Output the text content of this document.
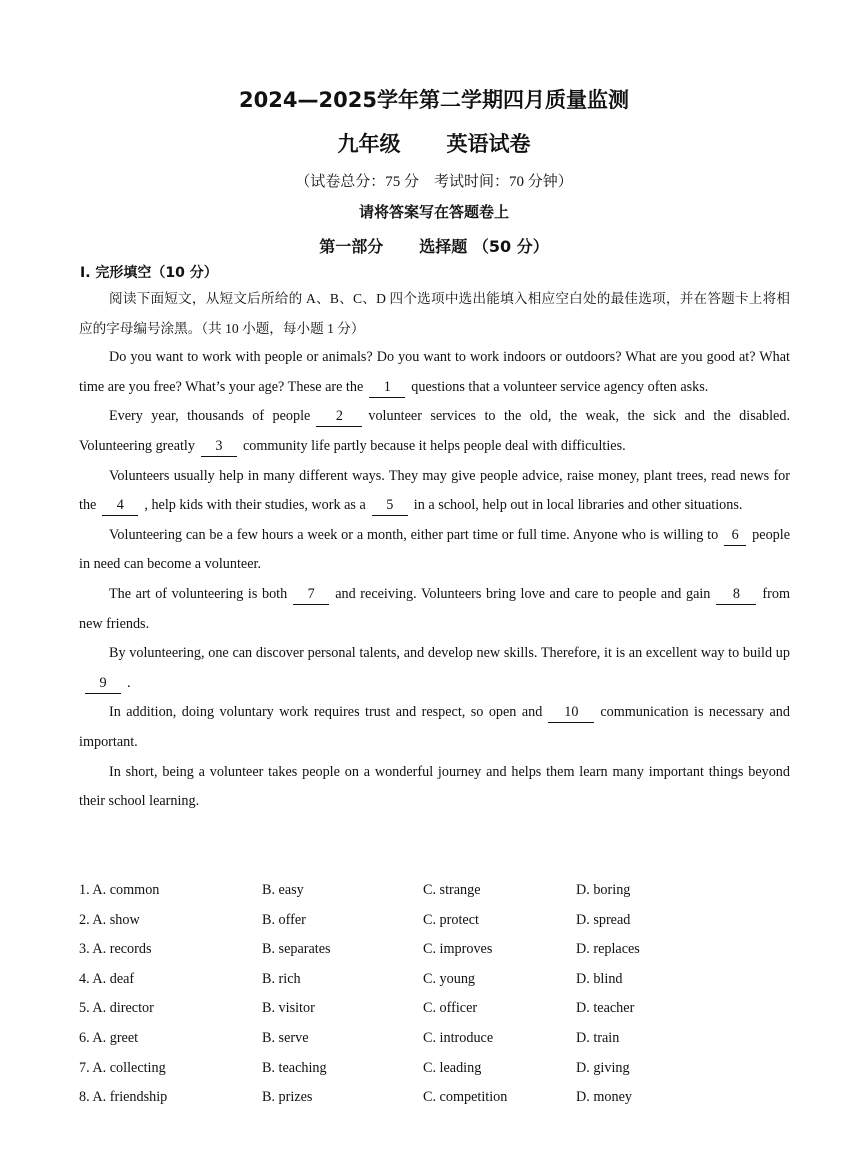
2024—2025学年第二学期四月质量监测
九年级 英语试卷
（试卷总分：75 分　考试时间：70 分钟）
请将答案写在答题卷上
第一部分 选择题 （50 分）
Ⅰ. 完形填空（10 分）

阅读下面短文，从短文后所给的 A、B、C、D 四个选项中选出能填入相应空白处的最佳选项，并在答题卡上将相应的字母编号涂黑。（共 10 小题，每小题 1 分）

Do you want to work with people or animals? Do you want to work indoors or outdoors? What are you good at? What time are you free? What’s your age? These are the 1 questions that a volunteer service agency often asks.

Every year, thousands of people 2 volunteer services to the old, the weak, the sick and the disabled. Volunteering greatly 3 community life partly because it helps people deal with difficulties.

Volunteers usually help in many different ways. They may give people advice, raise money, plant trees, read news for the 4 , help kids with their studies, work as a 5 in a school, help out in local libraries and other situations.

Volunteering can be a few hours a week or a month, either part time or full time. Anyone who is willing to 6 people in need can become a volunteer.

The art of volunteering is both 7 and receiving. Volunteers bring love and care to people and gain 8 from new friends.

By volunteering, one can discover personal talents, and develop new skills. Therefore, it is an excellent way to build up9 .

In addition, doing voluntary work requires trust and respect, so open and 10 communication is necessary and important.

In short, being a volunteer takes people on a wonderful journey and helps them learn many important things beyond their school learning.

1. A. common	B. easy	C. strange	D. boring
2. A. show	B. offer	C. protect	D. spread
3. A. records	B. separates	C. improves	D. replaces
4. A. deaf	B. rich	C. young	D. blind
5. A. director	B. visitor	C. officer	D. teacher
6. A. greet	B. serve	C. introduce	D. train
7. A. collecting	B. teaching	C. leading	D. giving
8. A. friendship	B. prizes	C. competition	D. money
